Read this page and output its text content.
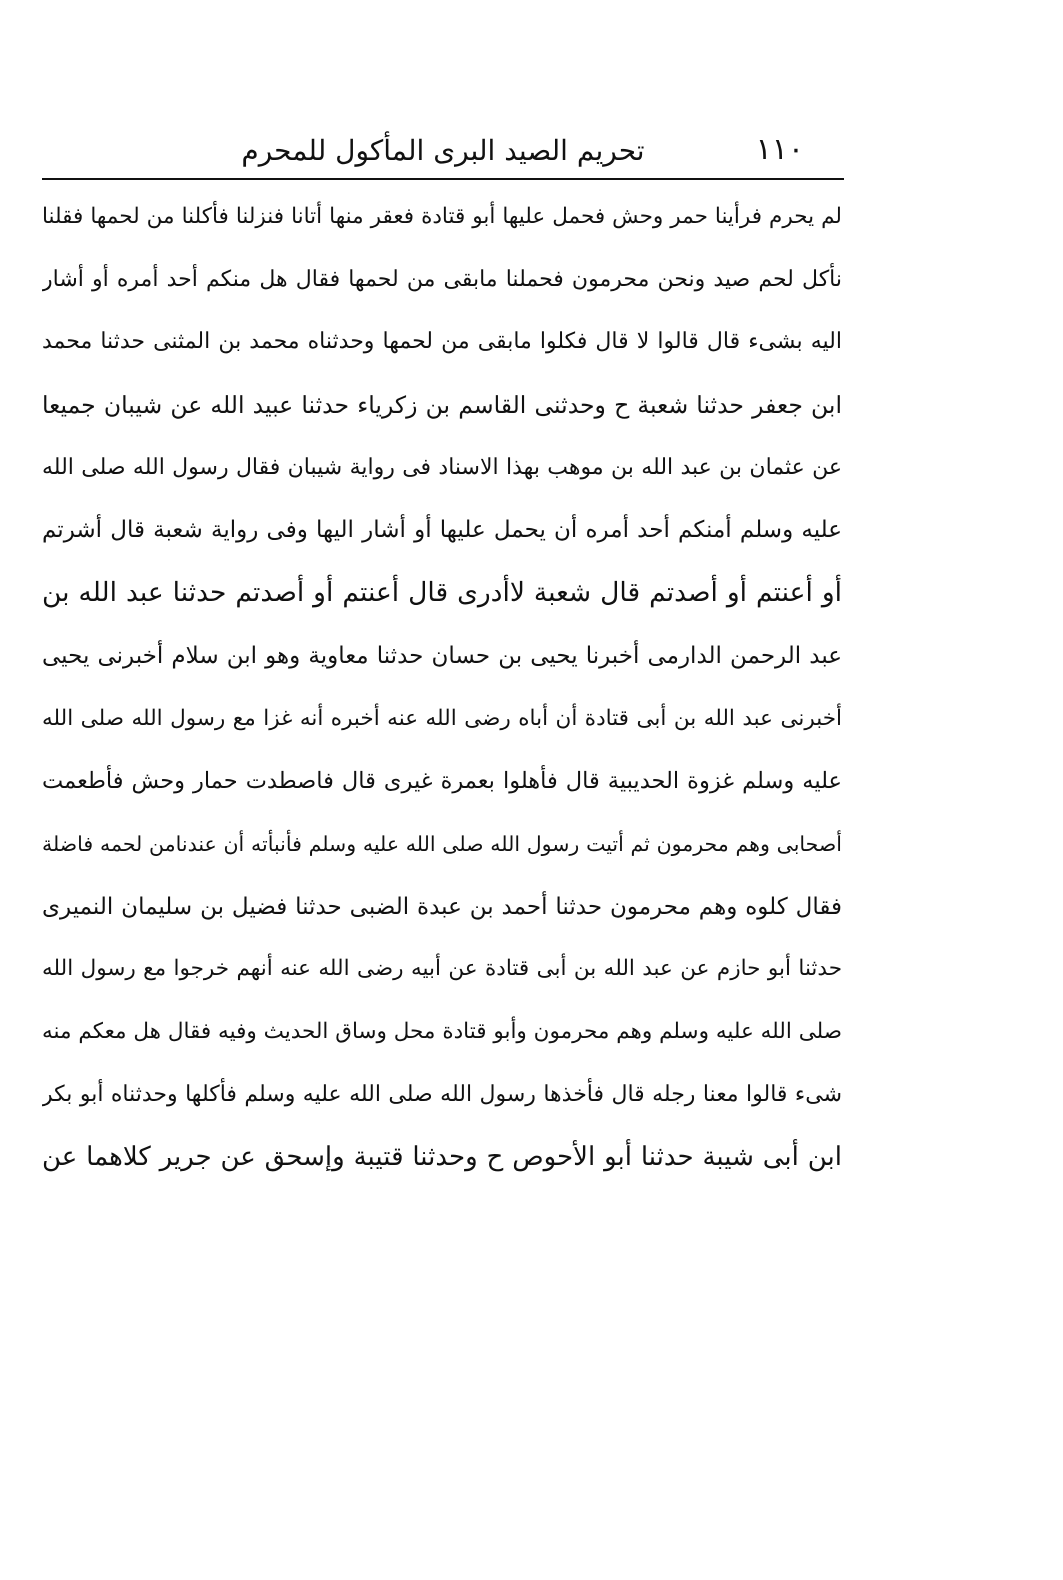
١١٠
تحريم الصيد البرى المأكول للمحرم
لم يحرم فرأينا حمر وحش فحمل عليها أبو قتادة فعقر منها أتانا فنزلنا فأكلنا من لحمها فقلنا
نأكل لحم صيد ونحن محرمون فحملنا مابقى من لحمها فقال هل منكم أحد أمره أو أشار
اليه بشىء قال قالوا لا قال فكلوا مابقى من لحمها وحدثناه محمد بن المثنى حدثنا محمد
ابن جعفر حدثنا شعبة ح وحدثنى القاسم بن زكرياء حدثنا عبيد الله عن شيبان جميعا
عن عثمان بن عبد الله بن موهب بهذا الاسناد فى رواية شيبان فقال رسول الله صلى الله
عليه وسلم أمنكم أحد أمره أن يحمل عليها أو أشار اليها وفى رواية شعبة قال أشرتم
أو أعنتم أو أصدتم قال شعبة لاأدرى قال أعنتم أو أصدتم حدثنا عبد الله بن
عبد الرحمن الدارمى أخبرنا يحيى بن حسان حدثنا معاوية وهو ابن سلام أخبرنى يحيى
أخبرنى عبد الله بن أبى قتادة أن أباه رضى الله عنه أخبره أنه غزا مع رسول الله صلى الله
عليه وسلم غزوة الحديبية قال فأهلوا بعمرة غيرى قال فاصطدت حمار وحش فأطعمت
أصحابى وهم محرمون ثم أتيت رسول الله صلى الله عليه وسلم فأنبأته أن عندنامن لحمه فاضلة
فقال كلوه وهم محرمون حدثنا أحمد بن عبدة الضبى حدثنا فضيل بن سليمان النميرى
حدثنا أبو حازم عن عبد الله بن أبى قتادة عن أبيه رضى الله عنه أنهم خرجوا مع رسول الله
صلى الله عليه وسلم وهم محرمون وأبو قتادة محل وساق الحديث وفيه فقال هل معكم منه
شىء قالوا معنا رجله قال فأخذها رسول الله صلى الله عليه وسلم فأكلها وحدثناه أبو بكر
ابن أبى شيبة حدثنا أبو الأحوص ح وحدثنا قتيبة وإسحق عن جرير كلاهما عن
